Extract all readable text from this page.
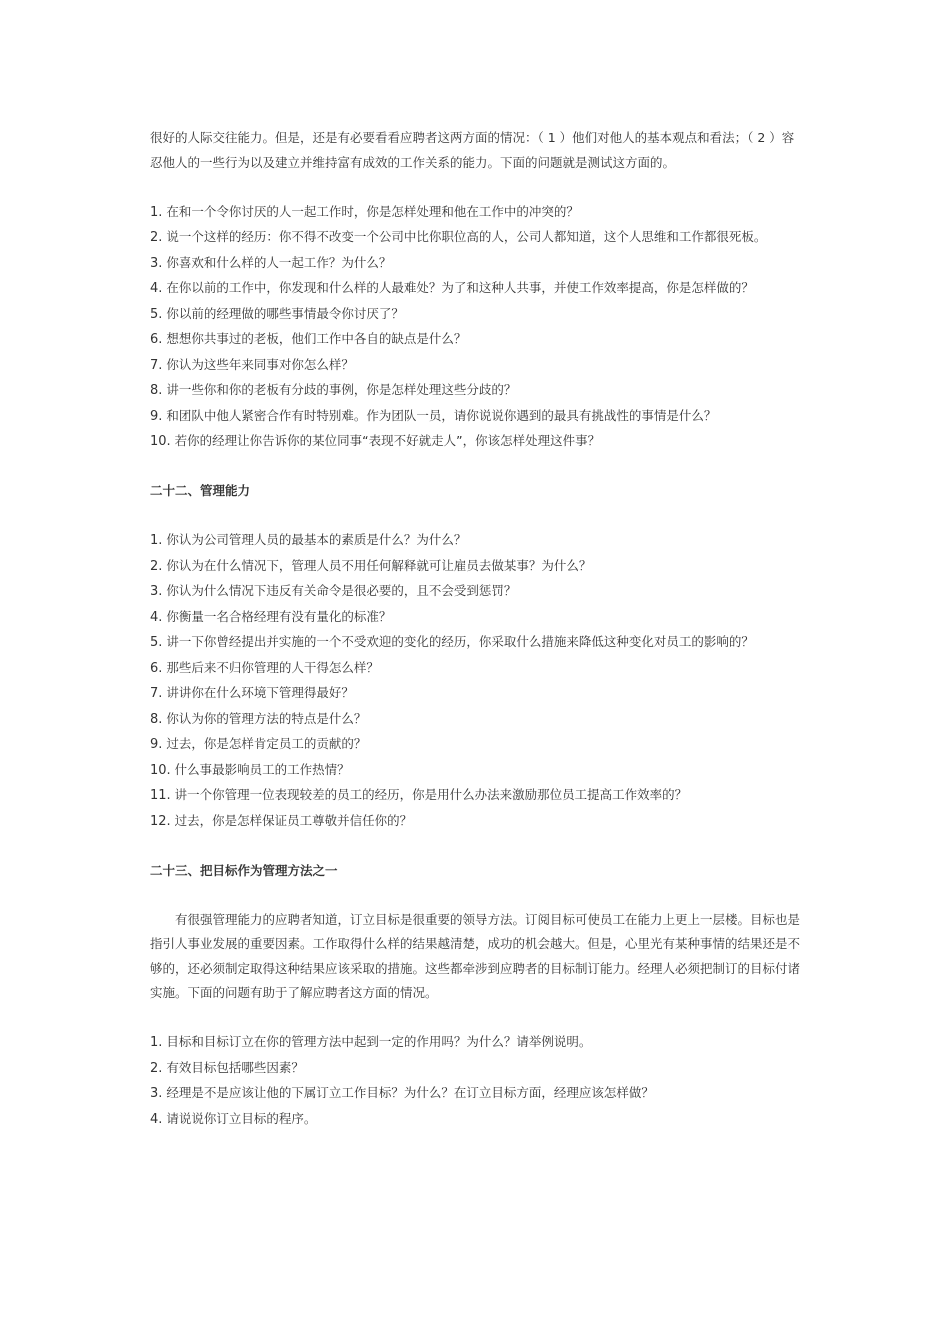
很好的人际交往能力。但是，还是有必要看看应聘者这两方面的情况：（ 1 ）他们对他人的基本观点和看法；（ 2 ）容忍他人的一些行为以及建立并维持富有成效的工作关系的能力。下面的问题就是测试这方面的。

1. 在和一个令你讨厌的人一起工作时，你是怎样处理和他在工作中的冲突的？

2. 说一个这样的经历：你不得不改变一个公司中比你职位高的人，公司人都知道，这个人思维和工作都很死板。

3. 你喜欢和什么样的人一起工作？为什么？

4. 在你以前的工作中，你发现和什么样的人最难处？为了和这种人共事，并使工作效率提高，你是怎样做的？

5. 你以前的经理做的哪些事情最令你讨厌了？

6. 想想你共事过的老板，他们工作中各自的缺点是什么？

7. 你认为这些年来同事对你怎么样？

8. 讲一些你和你的老板有分歧的事例，你是怎样处理这些分歧的？

9. 和团队中他人紧密合作有时特别难。作为团队一员，请你说说你遇到的最具有挑战性的事情是什么？

10. 若你的经理让你告诉你的某位同事“表现不好就走人”，你该怎样处理这件事？

二十二、管理能力

1. 你认为公司管理人员的最基本的素质是什么？为什么？

2. 你认为在什么情况下，管理人员不用任何解释就可让雇员去做某事？为什么？

3. 你认为什么情况下违反有关命令是很必要的，且不会受到惩罚？

4. 你衡量一名合格经理有没有量化的标准？

5. 讲一下你曾经提出并实施的一个不受欢迎的变化的经历，你采取什么措施来降低这种变化对员工的影响的？

6. 那些后来不归你管理的人干得怎么样？

7. 讲讲你在什么环境下管理得最好？

8. 你认为你的管理方法的特点是什么？

9. 过去，你是怎样肯定员工的贡献的？

10. 什么事最影响员工的工作热情？

11. 讲一个你管理一位表现较差的员工的经历，你是用什么办法来激励那位员工提高工作效率的？

12. 过去，你是怎样保证员工尊敬并信任你的？

二十三、把目标作为管理方法之一

有很强管理能力的应聘者知道，订立目标是很重要的领导方法。订阅目标可使员工在能力上更上一层楼。目标也是指引人事业发展的重要因素。工作取得什么样的结果越清楚，成功的机会越大。但是，心里光有某种事情的结果还是不够的，还必须制定取得这种结果应该采取的措施。这些都牵涉到应聘者的目标制订能力。经理人必须把制订的目标付诸实施。下面的问题有助于了解应聘者这方面的情况。

1. 目标和目标订立在你的管理方法中起到一定的作用吗？为什么？请举例说明。

2. 有效目标包括哪些因素？

3. 经理是不是应该让他的下属订立工作目标？为什么？在订立目标方面，经理应该怎样做？

4. 请说说你订立目标的程序。
